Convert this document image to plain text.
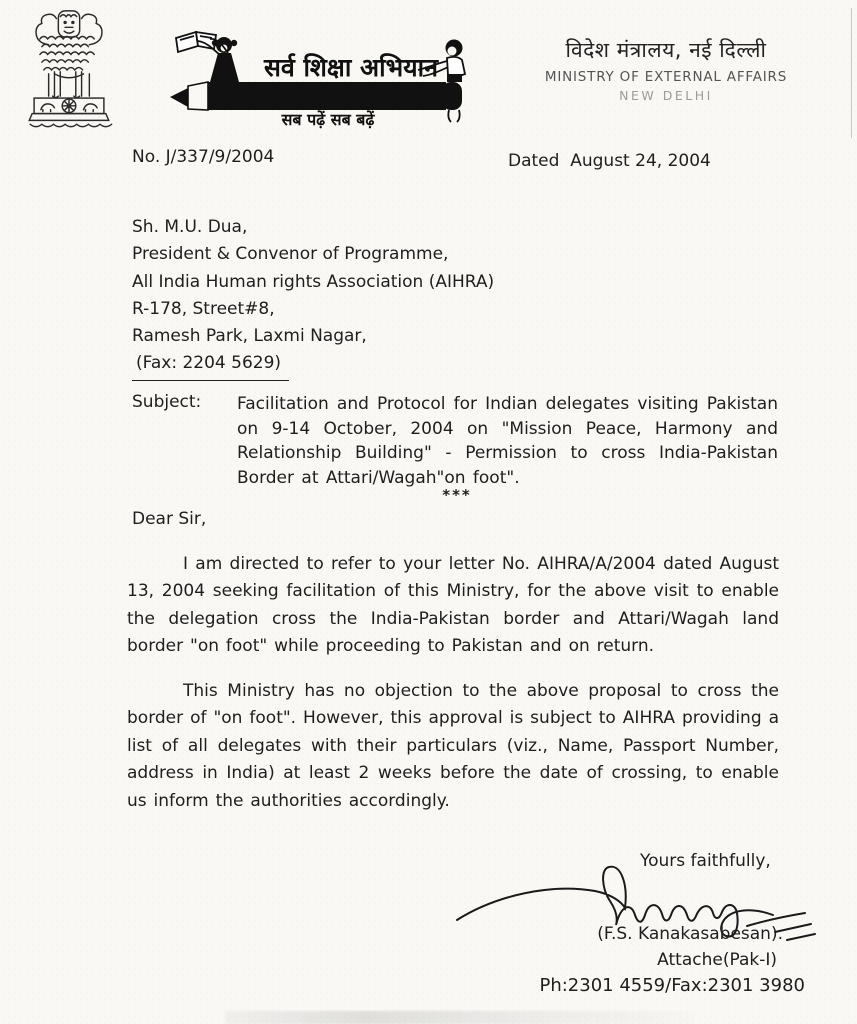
सर्व शिक्षा अभियान
सब पढ़ें सब बढ़ें
विदेश मंत्रालय, नई दिल्ली
MINISTRY OF EXTERNAL AFFAIRS
NEW DELHI
No. J/337/9/2004	Dated  August 24, 2004
Sh. M.U. Dua,
President & Convenor of Programme,
All India Human rights Association (AIHRA)
R-178, Street#8,
Ramesh Park, Laxmi Nagar,
(Fax: 2204 5629)
Subject: Facilitation and Protocol for Indian delegates visiting Pakistan on 9-14 October, 2004 on "Mission Peace, Harmony and Relationship Building" - Permission to cross India-Pakistan Border at Attari/Wagah"on foot".
***
Dear Sir,
I am directed to refer to your letter No. AIHRA/A/2004 dated August 13, 2004 seeking facilitation of this Ministry, for the above visit to enable the delegation cross the India-Pakistan border and Attari/Wagah land border "on foot" while proceeding to Pakistan and on return.
This Ministry has no objection to the above proposal to cross the border of "on foot". However, this approval is subject to AIHRA providing a list of all delegates with their particulars (viz., Name, Passport Number, address in India) at least 2 weeks before the date of crossing, to enable us inform the authorities accordingly.
Yours faithfully,
(F.S. Kanakasabesan).
Attache(Pak-I)
Ph:2301 4559/Fax:2301 3980
